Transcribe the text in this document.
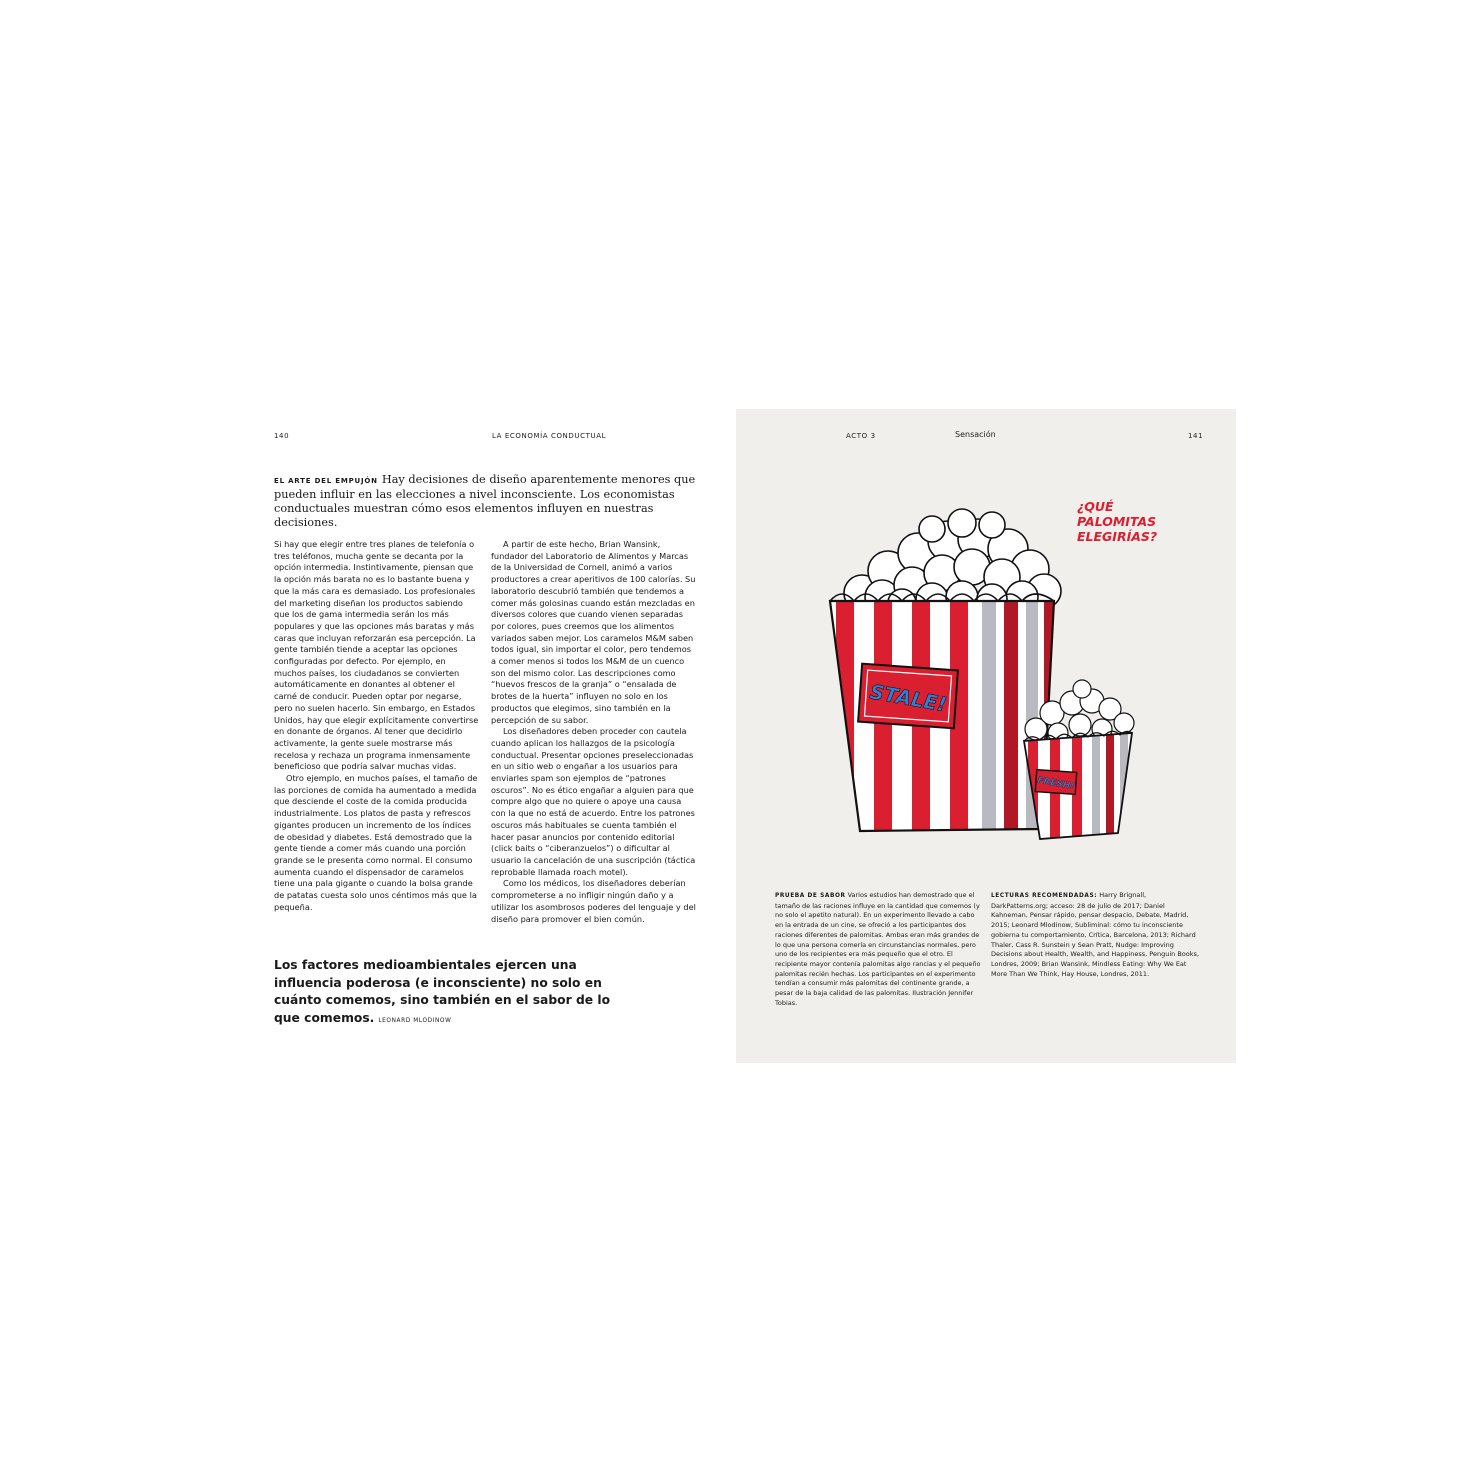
140	LA ECONOMÍA CONDUCTUAL
EL ARTE DEL EMPUJÓN Hay decisiones de diseño aparentemente menores que pueden influir en las elecciones a nivel inconsciente. Los economistas conductuales muestran cómo esos elementos influyen en nuestras decisiones.

Si hay que elegir entre tres planes de telefonía o tres teléfonos, mucha gente se decanta por la opción intermedia. Instintivamente, piensan que la opción más barata no es lo bastante buena y que la más cara es demasiado. Los profesionales del marketing diseñan los productos sabiendo que los de gama intermedia serán los más populares y que las opciones más baratas y más caras que incluyan reforzarán esa percepción. La gente también tiende a aceptar las opciones configuradas por defecto. Por ejemplo, en muchos países, los ciudadanos se convierten automáticamente en donantes al obtener el carné de conducir. Pueden optar por negarse, pero no suelen hacerlo. Sin embargo, en Estados Unidos, hay que elegir explícitamente convertirse en donante de órganos. Al tener que decidirlo activamente, la gente suele mostrarse más recelosa y rechaza un programa inmensamente beneficioso que podría salvar muchas vidas.

Otro ejemplo, en muchos países, el tamaño de las porciones de comida ha aumentado a medida que desciende el coste de la comida producida industrialmente. Los platos de pasta y refrescos gigantes producen un incremento de los índices de obesidad y diabetes. Está demostrado que la gente tiende a comer más cuando una porción grande se le presenta como normal. El consumo aumenta cuando el dispensador de caramelos tiene una pala gigante o cuando la bolsa grande de patatas cuesta solo unos céntimos más que la pequeña.

A partir de este hecho, Brian Wansink, fundador del Laboratorio de Alimentos y Marcas de la Universidad de Cornell, animó a varios productores a crear aperitivos de 100 calorías. Su laboratorio descubrió también que tendemos a comer más golosinas cuando están mezcladas en diversos colores que cuando vienen separadas por colores, pues creemos que los alimentos variados saben mejor. Los caramelos M&M saben todos igual, sin importar el color, pero tendemos a comer menos si todos los M&M de un cuenco son del mismo color. Las descripciones como “huevos frescos de la granja” o “ensalada de brotes de la huerta” influyen no solo en los productos que elegimos, sino también en la percepción de su sabor.

Los diseñadores deben proceder con cautela cuando aplican los hallazgos de la psicología conductual. Presentar opciones preseleccionadas en un sitio web o engañar a los usuarios para enviarles spam son ejemplos de “patrones oscuros”. No es ético engañar a alguien para que compre algo que no quiere o apoye una causa con la que no está de acuerdo. Entre los patrones oscuros más habituales se cuenta también el hacer pasar anuncios por contenido editorial (click baits o “ciberanzuelos”) o dificultar al usuario la cancelación de una suscripción (táctica reprobable llamada roach motel).

Como los médicos, los diseñadores deberían comprometerse a no infligir ningún daño y a utilizar los asombrosos poderes del lenguaje y del diseño para promover el bien común.

Los factores medioambientales ejercen una influencia poderosa (e inconsciente) no solo en cuánto comemos, sino también en el sabor de lo que comemos. LEONARD MLODINOW
ACTO 3	Sensación	141
¿QUÉ
PALOMITAS
ELEGIRÍAS?
STALE!
FRESH!
PRUEBA DE SABOR Varios estudios han demostrado que el tamaño de las raciones influye en la cantidad que comemos (y no solo el apetito natural). En un experimento llevado a cabo en la entrada de un cine, se ofreció a los participantes dos raciones diferentes de palomitas. Ambas eran más grandes de lo que una persona comería en circunstancias normales, pero uno de los recipientes era más pequeño que el otro. El recipiente mayor contenía palomitas algo rancias y el pequeño palomitas recién hechas. Los participantes en el experimento tendían a consumir más palomitas del continente grande, a pesar de la baja calidad de las palomitas. Ilustración Jennifer Tobias.
LECTURAS RECOMENDADAS: Harry Brignall, DarkPatterns.org; acceso: 28 de julio de 2017; Daniel Kahneman, Pensar rápido, pensar despacio, Debate, Madrid, 2015; Leonard Mlodinow, Subliminal: cómo tu inconsciente gobierna tu comportamiento, Crítica, Barcelona, 2013; Richard Thaler, Cass R. Sunstein y Sean Pratt, Nudge: Improving Decisions about Health, Wealth, and Happiness, Penguin Books, Londres, 2009; Brian Wansink, Mindless Eating: Why We Eat More Than We Think, Hay House, Londres, 2011.
